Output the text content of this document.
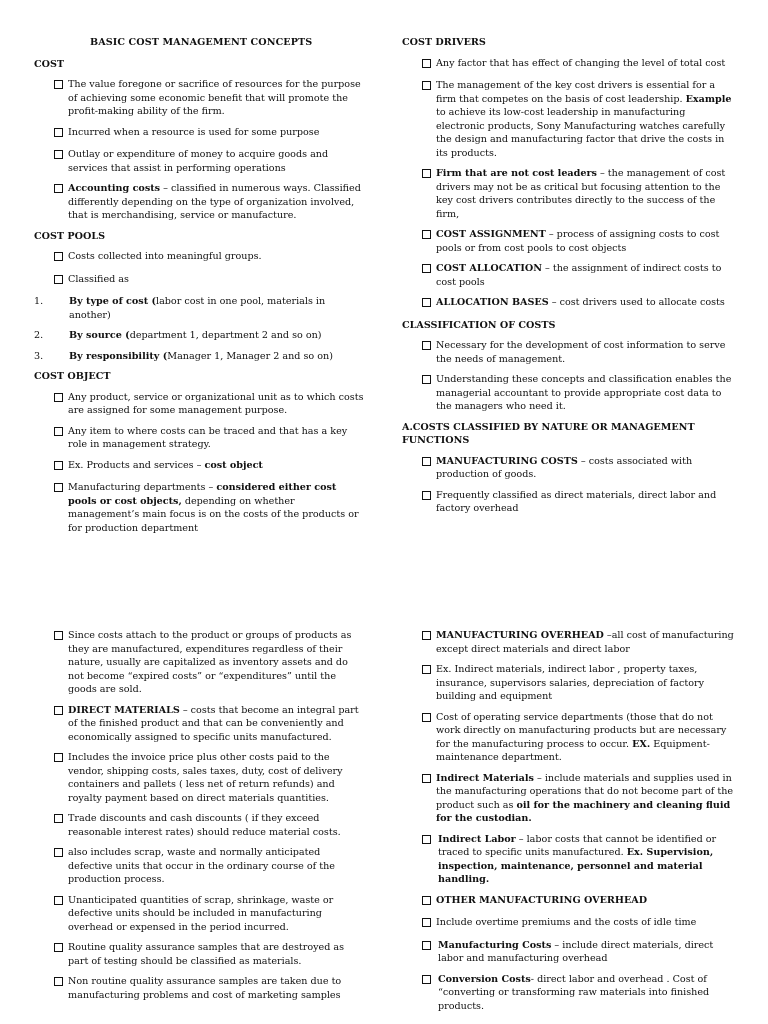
BASIC COST MANAGEMENT CONCEPTS
COST
The value foregone or sacrifice of resources for the purpose of achieving some economic benefit that will promote the profit-making ability of the firm.
Incurred when a resource is used for some purpose
Outlay or expenditure of money to acquire goods and services that assist in performing operations
Accounting costs – classified in numerous ways. Classified differently depending on the type of organization involved, that is merchandising, service or manufacture.
COST POOLS
Costs collected into meaningful groups.
Classified as
1.	By type of cost (labor cost in one pool, materials in another)
2.	By source (department 1, department 2 and so on)
3.	By responsibility (Manager 1, Manager 2 and so on)
COST OBJECT
Any product, service or organizational unit as to which costs are assigned for some management purpose.
Any item to where costs can be traced and that has a key role in management strategy.
Ex. Products and services – cost object
Manufacturing departments – considered either cost pools or cost objects, depending on whether management’s main focus is on the costs of the products or for production department
COST DRIVERS
Any factor that has effect of changing the level of total cost
The management of the key cost drivers is essential for a firm that competes on the basis of cost leadership. Example to achieve its low-cost leadership in manufacturing electronic products, Sony Manufacturing watches carefully the design and manufacturing factor that drive the costs in its products.
Firm that are not cost leaders – the management of cost drivers may not be as critical but focusing attention to the key cost drivers contributes directly to the success of the firm,
COST ASSIGNMENT – process of assigning costs to cost pools or from cost pools to cost objects
COST ALLOCATION – the assignment of indirect costs to cost pools
ALLOCATION BASES – cost drivers used to allocate costs
CLASSIFICATION OF COSTS
Necessary for the development of cost information to serve the needs of management.
Understanding these concepts and classification enables the managerial accountant to provide appropriate cost data to the managers who need it.
A.COSTS CLASSIFIED BY NATURE OR MANAGEMENT FUNCTIONS
MANUFACTURING COSTS – costs associated with production of goods.
Frequently classified as direct materials, direct labor and factory overhead
Since costs attach to the product or groups of products as they are manufactured, expenditures regardless of their nature, usually are capitalized as inventory assets and do not become “expired costs” or “expenditures” until the goods are sold.
DIRECT MATERIALS – costs that become an integral part of the finished product and that can be conveniently and economically assigned to specific units manufactured.
Includes the invoice price plus other costs paid to the vendor, shipping costs, sales taxes, duty, cost of delivery containers and pallets ( less net of return refunds) and royalty payment based on direct materials quantities.
Trade discounts and cash discounts ( if they exceed reasonable interest rates) should reduce material costs.
also includes scrap, waste and normally anticipated defective units that occur in the ordinary course of the production process.
Unanticipated quantities of scrap, shrinkage, waste or defective units should be included in manufacturing overhead or expensed in the period incurred.
Routine quality assurance samples that are destroyed as part of testing should be classified as materials.
Non routine quality assurance samples are taken due to manufacturing problems and cost of marketing samples
MANUFACTURING OVERHEAD –all cost of manufacturing except direct materials and direct labor
Ex. Indirect materials, indirect labor , property taxes, insurance, supervisors salaries, depreciation of factory building and equipment
Cost of operating service departments (those that do not work directly on manufacturing products but are necessary for the manufacturing process to occur. EX. Equipment-maintenance department.
Indirect Materials – include materials and supplies used in the manufacturing operations that do not become part of the product such as oil for the machinery and cleaning fluid for the custodian.
Indirect Labor – labor costs that cannot be identified or traced to specific units manufactured. Ex. Supervision, inspection, maintenance, personnel and material handling.
OTHER MANUFACTURING OVERHEAD
Include overtime premiums and the costs of idle time
Manufacturing Costs – include direct materials, direct labor and manufacturing overhead
Conversion Costs- direct labor and overhead . Cost of “converting or transforming raw materials into finished products.
